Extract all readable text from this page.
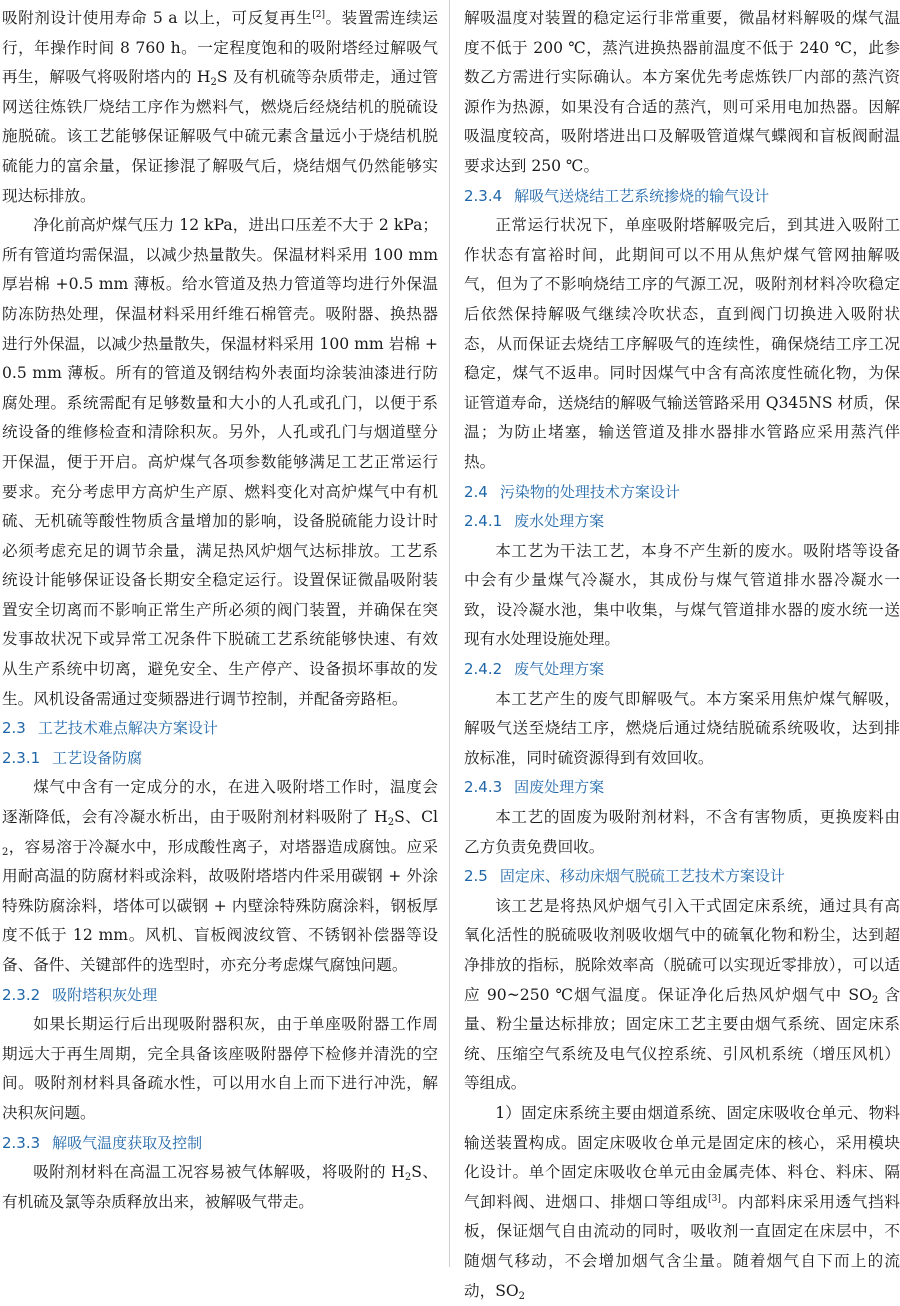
吸附剂设计使用寿命 5 a 以上，可反复再生[2]。装置需连续运行，年操作时间 8 760 h。一定程度饱和的吸附塔经过解吸气再生，解吸气将吸附塔内的 $H_2S$ 及有机硫等杂质带走，通过管网送往炼铁厂烧结工序作为燃料气，燃烧后经烧结机的脱硫设施脱硫。该工艺能够保证解吸气中硫元素含量远小于烧结机脱硫能力的富余量，保证掺混了解吸气后，烧结烟气仍然能够实现达标排放。

净化前高炉煤气压力 12 kPa，进出口压差不大于 2 kPa；所有管道均需保温，以减少热量散失。保温材料采用 100 mm 厚岩棉 +0.5 mm 薄板。给水管道及热力管道等均进行外保温防冻防热处理，保温材料采用纤维石棉管壳。吸附器、换热器进行外保温，以减少热量散失，保温材料采用 100 mm 岩棉 +0.5 mm 薄板。所有的管道及钢结构外表面均涂装油漆进行防腐处理。系统需配有足够数量和大小的人孔或孔门，以便于系统设备的维修检查和清除积灰。另外，人孔或孔门与烟道壁分开保温，便于开启。高炉煤气各项参数能够满足工艺正常运行要求。充分考虑甲方高炉生产原、燃料变化对高炉煤气中有机硫、无机硫等酸性物质含量增加的影响，设备脱硫能力设计时必须考虑充足的调节余量，满足热风炉烟气达标排放。工艺系统设计能够保证设备长期安全稳定运行。设置保证微晶吸附装置安全切离而不影响正常生产所必须的阀门装置，并确保在突发事故状况下或异常工况条件下脱硫工艺系统能够快速、有效从生产系统中切离，避免安全、生产停产、设备损坏事故的发生。风机设备需通过变频器进行调节控制，并配备旁路柜。

2.3 工艺技术难点解决方案设计
2.3.1 工艺设备防腐

煤气中含有一定成分的水，在进入吸附塔工作时，温度会逐渐降低，会有冷凝水析出，由于吸附剂材料吸附了 $H_2S$、$Cl_2$，容易溶于冷凝水中，形成酸性离子，对塔器造成腐蚀。应采用耐高温的防腐材料或涂料，故吸附塔塔内件采用碳钢 + 外涂特殊防腐涂料，塔体可以碳钢 + 内壁涂特殊防腐涂料，钢板厚度不低于 12 mm。风机、盲板阀波纹管、不锈钢补偿器等设备、备件、关键部件的选型时，亦充分考虑煤气腐蚀问题。

2.3.2 吸附塔积灰处理

如果长期运行后出现吸附器积灰，由于单座吸附器工作周期远大于再生周期，完全具备该座吸附器停下检修并清洗的空间。吸附剂材料具备疏水性，可以用水自上而下进行冲洗，解决积灰问题。

2.3.3 解吸气温度获取及控制

吸附剂材料在高温工况容易被气体解吸，将吸附的 $H_2S$、有机硫及氯等杂质释放出来，被解吸气带走。

解吸温度对装置的稳定运行非常重要，微晶材料解吸的煤气温度不低于 200 ℃，蒸汽进换热器前温度不低于 240 ℃，此参数乙方需进行实际确认。本方案优先考虑炼铁厂内部的蒸汽资源作为热源，如果没有合适的蒸汽，则可采用电加热器。因解吸温度较高，吸附塔进出口及解吸管道煤气蝶阀和盲板阀耐温要求达到 250 ℃。

2.3.4 解吸气送烧结工艺系统掺烧的输气设计

正常运行状况下，单座吸附塔解吸完后，到其进入吸附工作状态有富裕时间，此期间可以不用从焦炉煤气管网抽解吸气，但为了不影响烧结工序的气源工况，吸附剂材料冷吹稳定后依然保持解吸气继续冷吹状态，直到阀门切换进入吸附状态，从而保证去烧结工序解吸气的连续性，确保烧结工序工况稳定，煤气不返串。同时因煤气中含有高浓度性硫化物，为保证管道寿命，送烧结的解吸气输送管路采用 Q345NS 材质，保温；为防止堵塞，输送管道及排水器排水管路应采用蒸汽伴热。

2.4 污染物的处理技术方案设计
2.4.1 废水处理方案

本工艺为干法工艺，本身不产生新的废水。吸附塔等设备中会有少量煤气冷凝水，其成份与煤气管道排水器冷凝水一致，设冷凝水池，集中收集，与煤气管道排水器的废水统一送现有水处理设施处理。

2.4.2 废气处理方案

本工艺产生的废气即解吸气。本方案采用焦炉煤气解吸，解吸气送至烧结工序，燃烧后通过烧结脱硫系统吸收，达到排放标准，同时硫资源得到有效回收。

2.4.3 固废处理方案

本工艺的固废为吸附剂材料，不含有害物质，更换废料由乙方负责免费回收。

2.5 固定床、移动床烟气脱硫工艺技术方案设计

该工艺是将热风炉烟气引入干式固定床系统，通过具有高氧化活性的脱硫吸收剂吸收烟气中的硫氧化物和粉尘，达到超净排放的指标，脱除效率高（脱硫可以实现近零排放），可以适应 90~250 ℃烟气温度。保证净化后热风炉烟气中 $SO_2$ 含量、粉尘量达标排放；固定床工艺主要由烟气系统、固定床系统、压缩空气系统及电气仪控系统、引风机系统（增压风机）等组成。

1）固定床系统主要由烟道系统、固定床吸收仓单元、物料输送装置构成。固定床吸收仓单元是固定床的核心，采用模块化设计。单个固定床吸收仓单元由金属壳体、料仓、料床、隔气卸料阀、进烟口、排烟口等组成[3]。内部料床采用透气挡料板，保证烟气自由流动的同时，吸收剂一直固定在床层中，不随烟气移动，不会增加烟气含尘量。随着烟气自下而上的流动，$SO_2$
